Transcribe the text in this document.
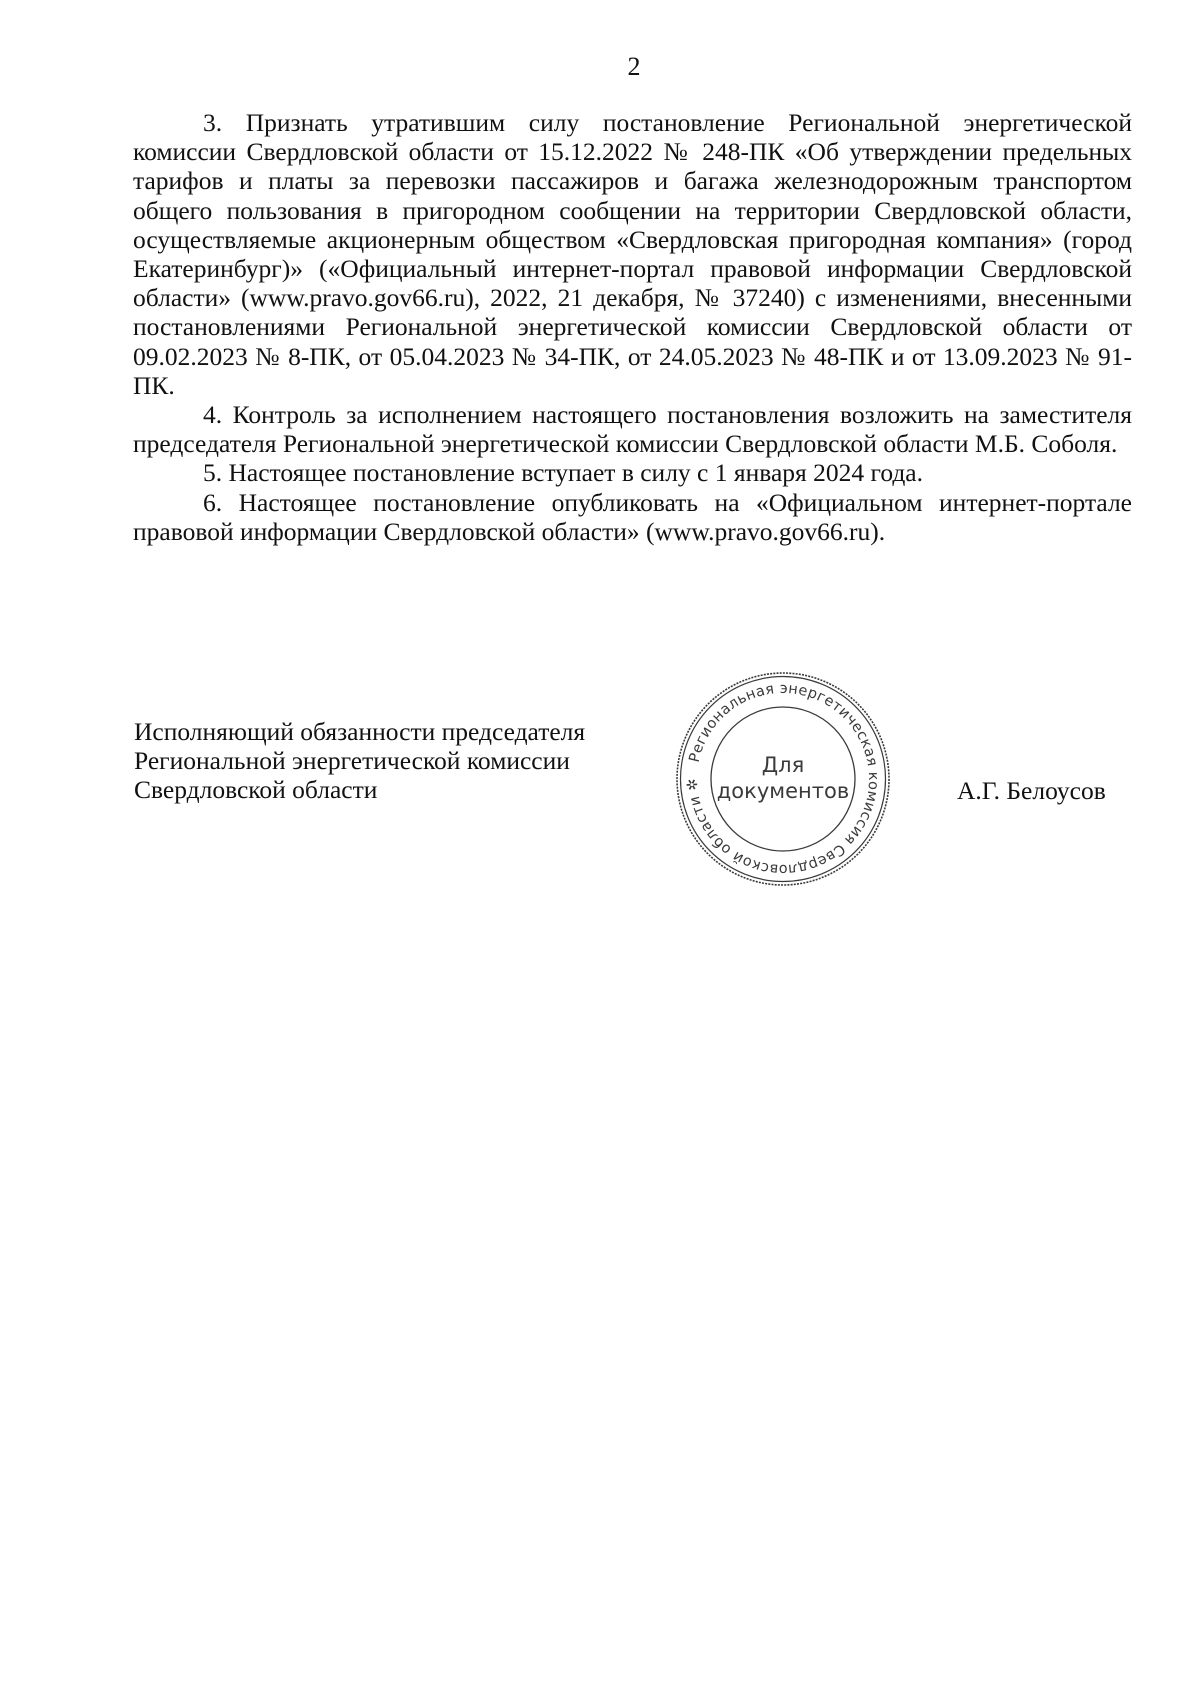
2

3. Признать утратившим силу постановление Региональной энергетической комиссии Свердловской области от 15.12.2022 № 248-ПК «Об утверждении предельных тарифов и платы за перевозки пассажиров и багажа железнодорожным транспортом общего пользования в пригородном сообщении на территории Свердловской области, осуществляемые акционерным обществом «Свердловская пригородная компания» (город Екатеринбург)» («Официальный интернет-портал правовой информации Свердловской области» (www.pravo.gov66.ru), 2022, 21 декабря, № 37240) с изменениями, внесенными постановлениями Региональной энергетической комиссии Свердловской области от 09.02.2023 № 8-ПК, от 05.04.2023 № 34-ПК, от 24.05.2023 № 48-ПК и от 13.09.2023 № 91-ПК.

4. Контроль за исполнением настоящего постановления возложить на заместителя председателя Региональной энергетической комиссии Свердловской области М.Б. Соболя.

5. Настоящее постановление вступает в силу с 1 января 2024 года.

6. Настоящее постановление опубликовать на «Официальном интернет-портале правовой информации Свердловской области» (www.pravo.gov66.ru).

Исполняющий обязанности председателя
Региональной энергетической комиссии
Свердловской области
Региональная энергетическая комиссия Свердловской области ✲
Для
документов	А.Г. Белоусов
